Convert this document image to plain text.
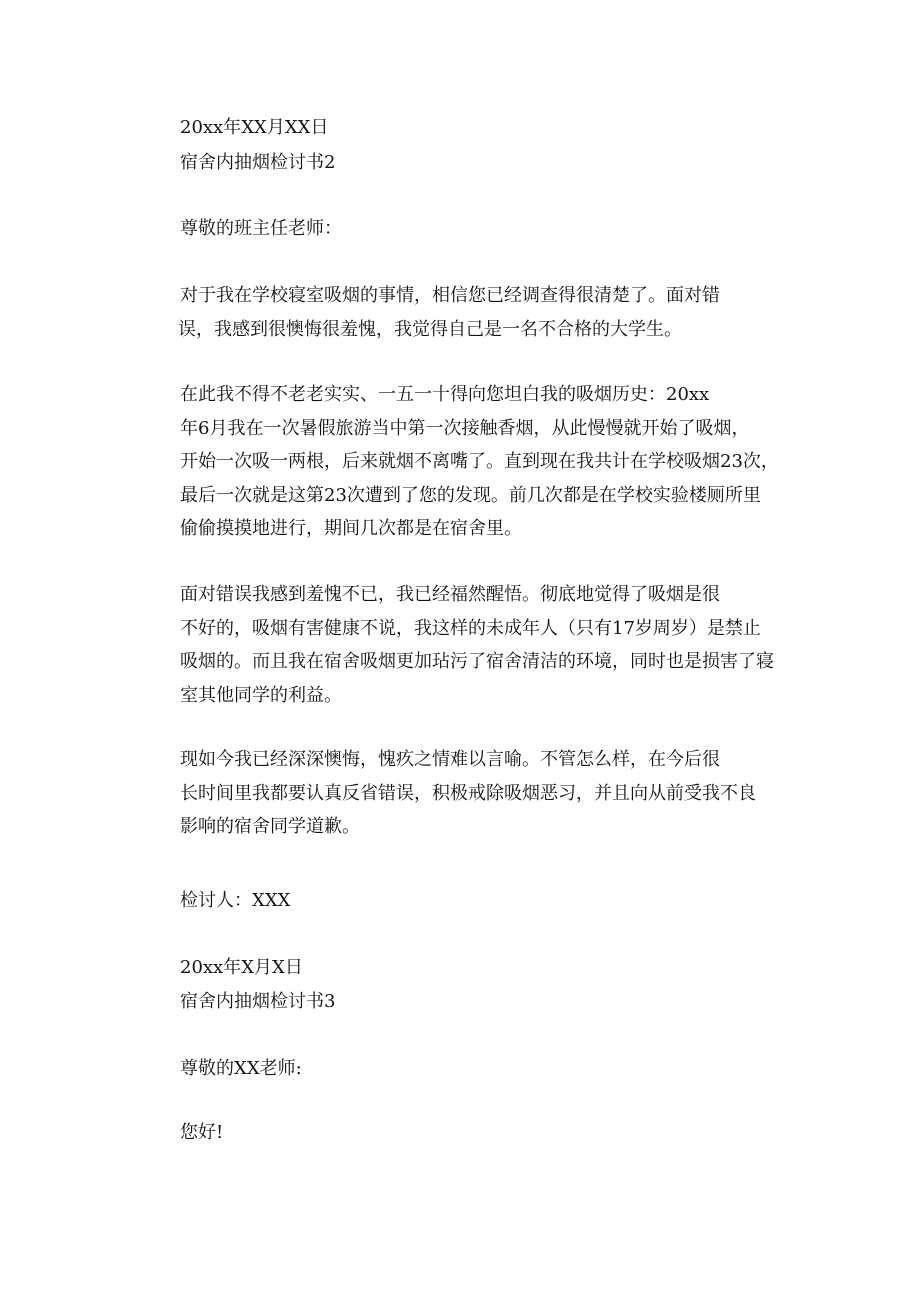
20xx年XX月XX日

宿舍内抽烟检讨书2

尊敬的班主任老师：

对于我在学校寝室吸烟的事情，相信您已经调查得很清楚了。面对错
误，我感到很懊悔很羞愧，我觉得自己是一名不合格的大学生。
在此我不得不老老实实、一五一十得向您坦白我的吸烟历史：20xx
年6月我在一次暑假旅游当中第一次接触香烟，从此慢慢就开始了吸烟，
开始一次吸一两根，后来就烟不离嘴了。直到现在我共计在学校吸烟23次，
最后一次就是这第23次遭到了您的发现。前几次都是在学校实验楼厕所里
偷偷摸摸地进行，期间几次都是在宿舍里。
面对错误我感到羞愧不已，我已经福然醒悟。彻底地觉得了吸烟是很
不好的，吸烟有害健康不说，我这样的未成年人（只有17岁周岁）是禁止
吸烟的。而且我在宿舍吸烟更加玷污了宿舍清洁的环境，同时也是损害了寝
室其他同学的利益。
现如今我已经深深懊悔，愧疚之情难以言喻。不管怎么样，在今后很
长时间里我都要认真反省错误，积极戒除吸烟恶习，并且向从前受我不良
影响的宿舍同学道歉。

检讨人：XXX

20xx年X月X日

宿舍内抽烟检讨书3

尊敬的XX老师:

您好!
